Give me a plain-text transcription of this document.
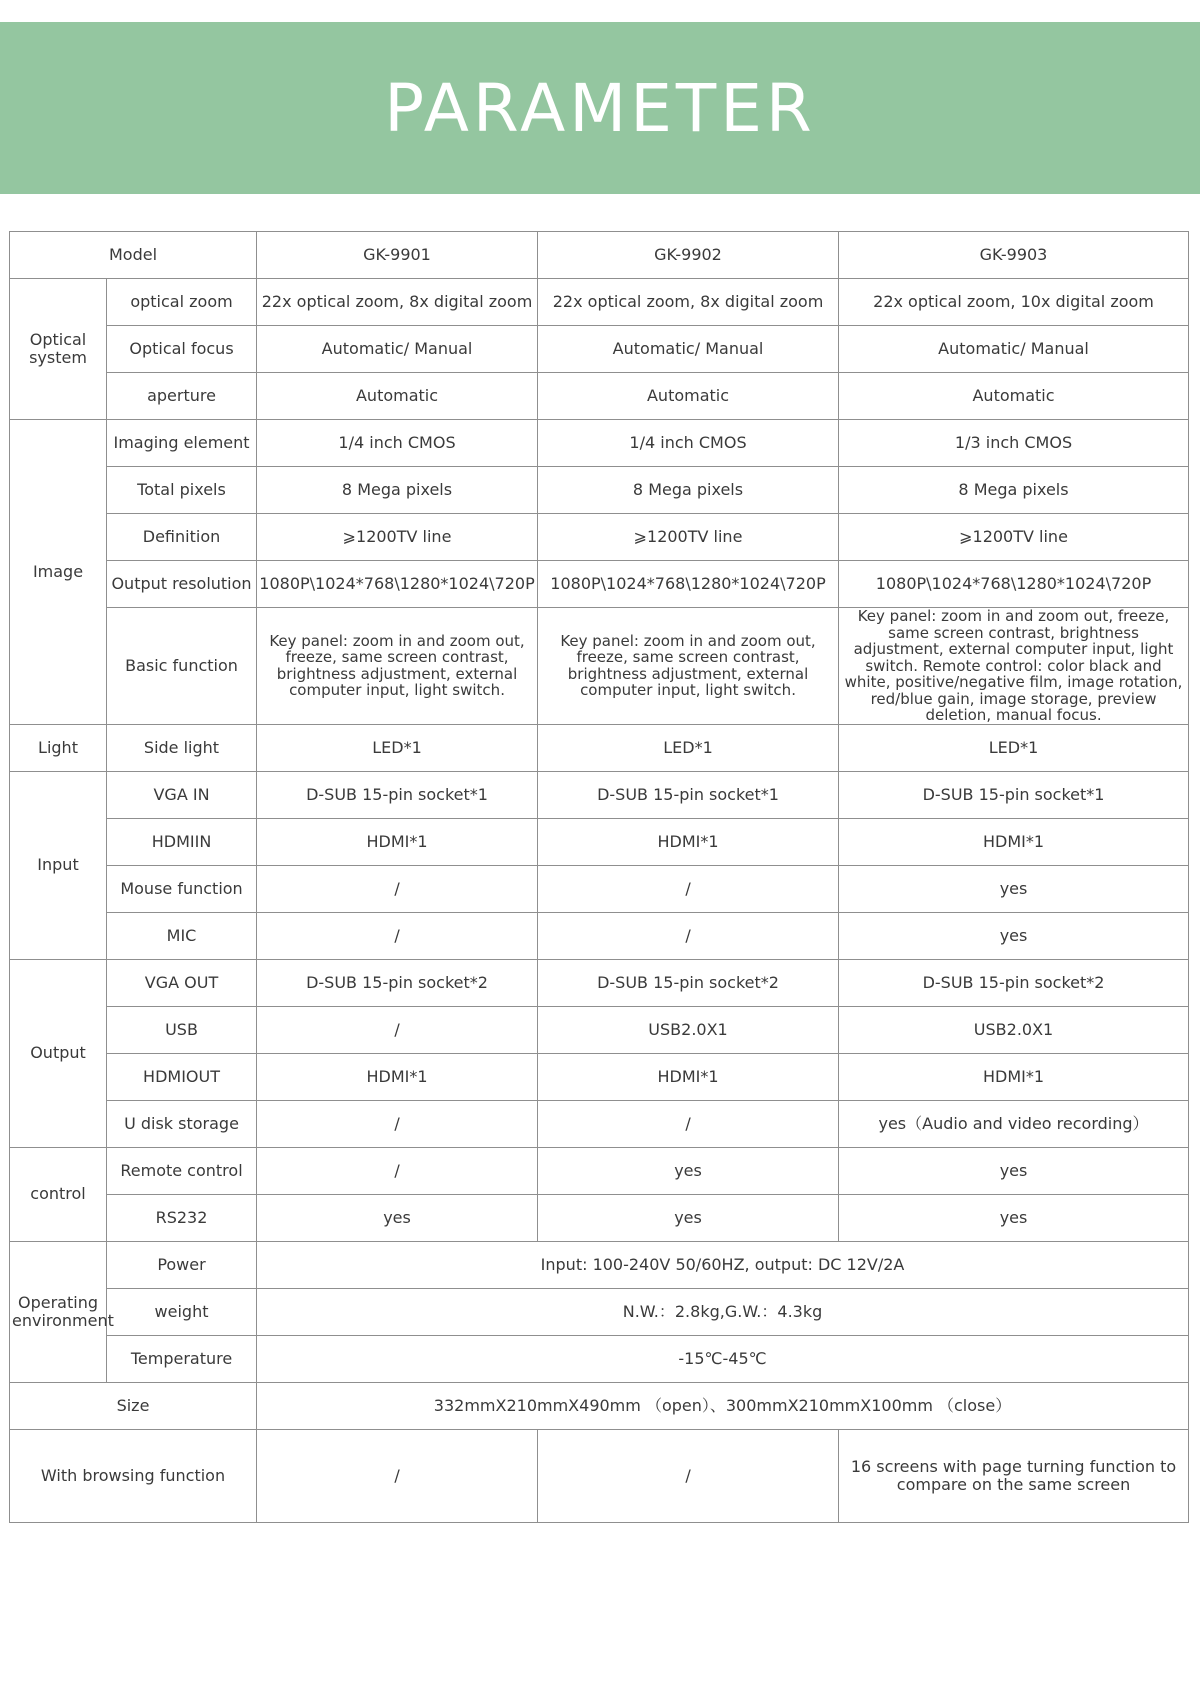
PARAMETER
Model		GK-9901	GK-9902	GK-9903
Optical system	optical zoom	22x optical zoom, 8x digital zoom	22x optical zoom, 8x digital zoom	22x optical zoom, 10x digital zoom
	Optical focus	Automatic/ Manual	Automatic/ Manual	Automatic/ Manual
	aperture	Automatic	Automatic	Automatic
Image	Imaging element	1/4 inch CMOS	1/4 inch CMOS	1/3 inch CMOS
	Total pixels	8 Mega pixels	8 Mega pixels	8 Mega pixels
	Definition	⩾1200TV line	⩾1200TV line	⩾1200TV line
	Output resolution	1080P\1024*768\1280*1024\720P	1080P\1024*768\1280*1024\720P	1080P\1024*768\1280*1024\720P
	Basic function	Key panel: zoom in and zoom out, freeze, same screen contrast, brightness adjustment, external computer input, light switch.	Key panel: zoom in and zoom out, freeze, same screen contrast, brightness adjustment, external computer input, light switch.	Key panel: zoom in and zoom out, freeze, same screen contrast, brightness adjustment, external computer input, light switch. Remote control: color black and white, positive/negative film, image rotation, red/blue gain, image storage, preview deletion, manual focus.
Light	Side light	LED*1	LED*1	LED*1
Input	VGA IN	D-SUB 15-pin socket*1	D-SUB 15-pin socket*1	D-SUB 15-pin socket*1
	HDMIIN	HDMI*1	HDMI*1	HDMI*1
	Mouse function	/	/	yes
	MIC	/	/	yes
Output	VGA OUT	D-SUB 15-pin socket*2	D-SUB 15-pin socket*2	D-SUB 15-pin socket*2
	USB	/	USB2.0X1	USB2.0X1
	HDMIOUT	HDMI*1	HDMI*1	HDMI*1
	U disk storage	/	/	yes（Audio and video recording）
control	Remote control	/	yes	yes
	RS232	yes	yes	yes
Operating environment	Power	Input: 100-240V 50/60HZ, output: DC 12V/2A		
	weight	N.W.：2.8kg,G.W.：4.3kg		
	Temperature	-15℃-45℃		
Size		332mmX210mmX490mm （open）、300mmX210mmX100mm （close）		
With browsing function		/	/	16 screens with page turning function to compare on the same screen
